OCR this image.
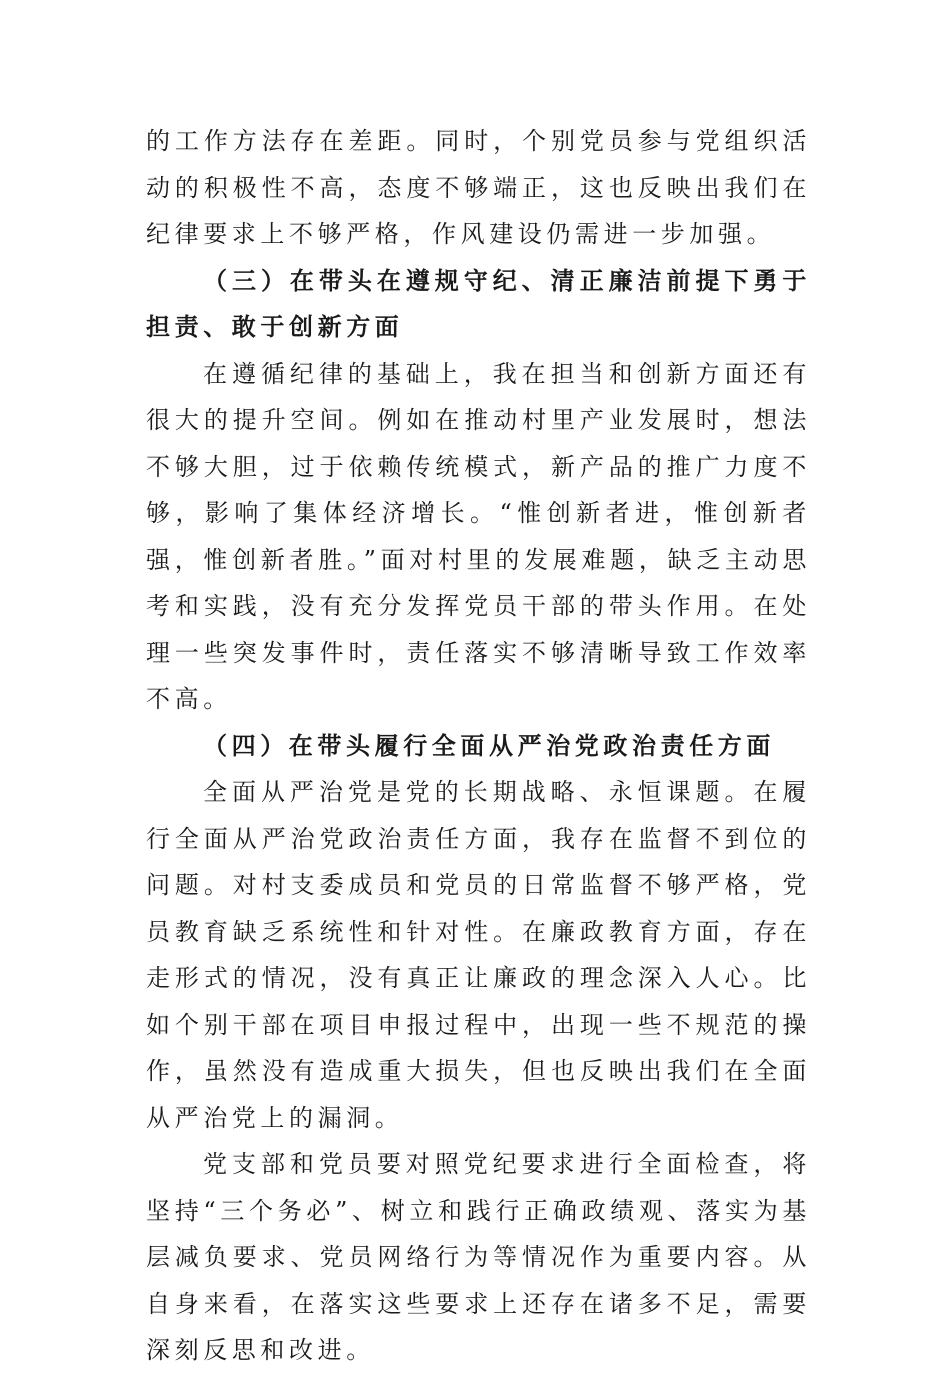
的工作方法存在差距。同时，个别党员参与党组织活动的积极性不高，态度不够端正，这也反映出我们在纪律要求上不够严格，作风建设仍需进一步加强。

（三）在带头在遵规守纪、清正廉洁前提下勇于担责、敢于创新方面

在遵循纪律的基础上，我在担当和创新方面还有很大的提升空间。例如在推动村里产业发展时，想法不够大胆，过于依赖传统模式，新产品的推广力度不够，影响了集体经济增长。“惟创新者进，惟创新者强，惟创新者胜。”面对村里的发展难题，缺乏主动思考和实践，没有充分发挥党员干部的带头作用。在处理一些突发事件时，责任落实不够清晰导致工作效率不高。

（四）在带头履行全面从严治党政治责任方面

全面从严治党是党的长期战略、永恒课题。在履行全面从严治党政治责任方面，我存在监督不到位的问题。对村支委成员和党员的日常监督不够严格，党员教育缺乏系统性和针对性。在廉政教育方面，存在走形式的情况，没有真正让廉政的理念深入人心。比如个别干部在项目申报过程中，出现一些不规范的操作，虽然没有造成重大损失，但也反映出我们在全面从严治党上的漏洞。

党支部和党员要对照党纪要求进行全面检查，将坚持“三个务必”、树立和践行正确政绩观、落实为基层减负要求、党员网络行为等情况作为重要内容。从自身来看，在落实这些要求上还存在诸多不足，需要深刻反思和改进。
